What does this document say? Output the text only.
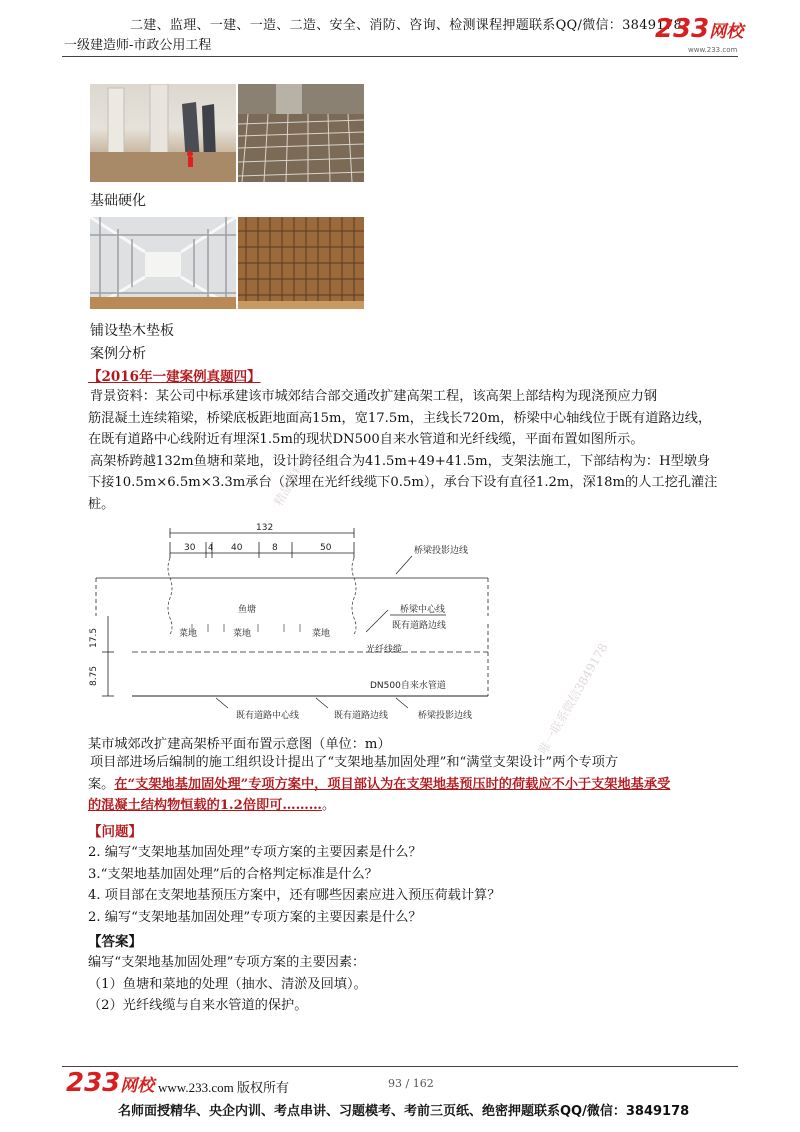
二建、监理、一建、一造、二造、安全、消防、咨询、检测课程押题联系QQ/微信：3849178
一级建造师-市政公用工程
233网校
www.233.com
基础硬化
铺设垫木垫板
案例分析
【2016年一建案例真题四】
背景资料：某公司中标承建该市城郊结合部交通改扩建高架工程，该高架上部结构为现浇预应力钢
筋混凝土连续箱梁，桥梁底板距地面高15m，宽17.5m，主线长720m，桥梁中心轴线位于既有道路边线，
在既有道路中心线附近有埋深1.5m的现状DN500自来水管道和光纤线缆，平面布置如图所示。
高架桥跨越132m鱼塘和菜地，设计跨径组合为41.5m+49+41.5m，支架法施工，下部结构为：H型墩身
下接10.5m×6.5m×3.3m承台（深埋在光纤线缆下0.5m），承台下设有直径1.2m，深18m的人工挖孔灌注
桩。
132
30 4 40	8	50	桥梁投影边线
鱼塘
菜地	菜地	菜地
桥梁中心线
既有道路边线
光纤线缆
DN500自来水管道
17.5
8.75
既有道路中心线	既有道路边线	桥梁投影边线
某市城郊改扩建高架桥平面布置示意图（单位：m）
项目部进场后编制的施工组织设计提出了“支架地基加固处理”和“满堂支架设计”两个专项方
案。在“支架地基加固处理”专项方案中，项目部认为在支架地基预压时的荷载应不小于支架地基承受
的混凝土结构物恒载的1.2倍即可………。
【问题】
2. 编写“支架地基加固处理”专项方案的主要因素是什么？
3.“支架地基加固处理”后的合格判定标准是什么？
4. 项目部在支架地基预压方案中，还有哪些因素应进入预压荷载计算？
2. 编写“支架地基加固处理”专项方案的主要因素是什么？
【答案】
编写“支架地基加固处理”专项方案的主要因素：
（1）鱼塘和菜地的处理（抽水、清淤及回填）。
（2）光纤线缆与自来水管道的保护。
精品资料网
唯一联系微信3849178
233网校 www.233.com 版权所有	93 / 162
名师面授精华、央企内训、考点串讲、习题模考、考前三页纸、绝密押题联系QQ/微信：3849178
